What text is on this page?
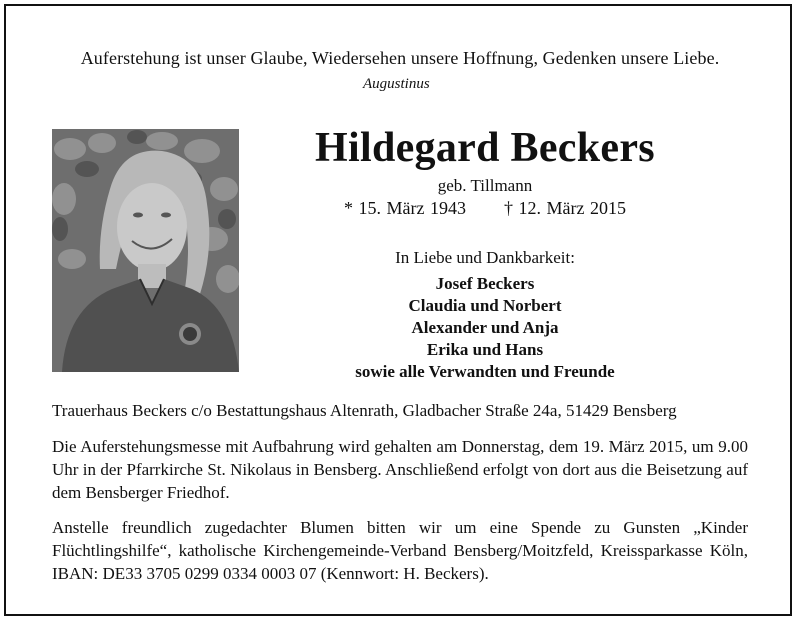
Auferstehung ist unser Glaube, Wiedersehen unsere Hoffnung, Gedenken unsere Liebe.
Augustinus
Hildegard Beckers
geb. Tillmann
* 15. März 1943 † 12. März 2015
In Liebe und Dankbarkeit:
Josef Beckers
Claudia und Norbert
Alexander und Anja
Erika und Hans
sowie alle Verwandten und Freunde
Trauerhaus Beckers c/o Bestattungshaus Altenrath, Gladbacher Straße 24a, 51429 Bensberg
Die Auferstehungsmesse mit Aufbahrung wird gehalten am Donnerstag, dem 19. März 2015, um 9.00 Uhr in der Pfarrkirche St. Nikolaus in Bensberg. Anschließend erfolgt von dort aus die Beisetzung auf dem Bensberger Friedhof.
Anstelle freundlich zugedachter Blumen bitten wir um eine Spende zu Gunsten „Kinder Flüchtlingshilfe“, katholische Kirchengemeinde-Verband Bensberg/Moitzfeld, Kreissparkasse Köln, IBAN: DE33 3705 0299 0334 0003 07 (Kennwort: H. Beckers).
